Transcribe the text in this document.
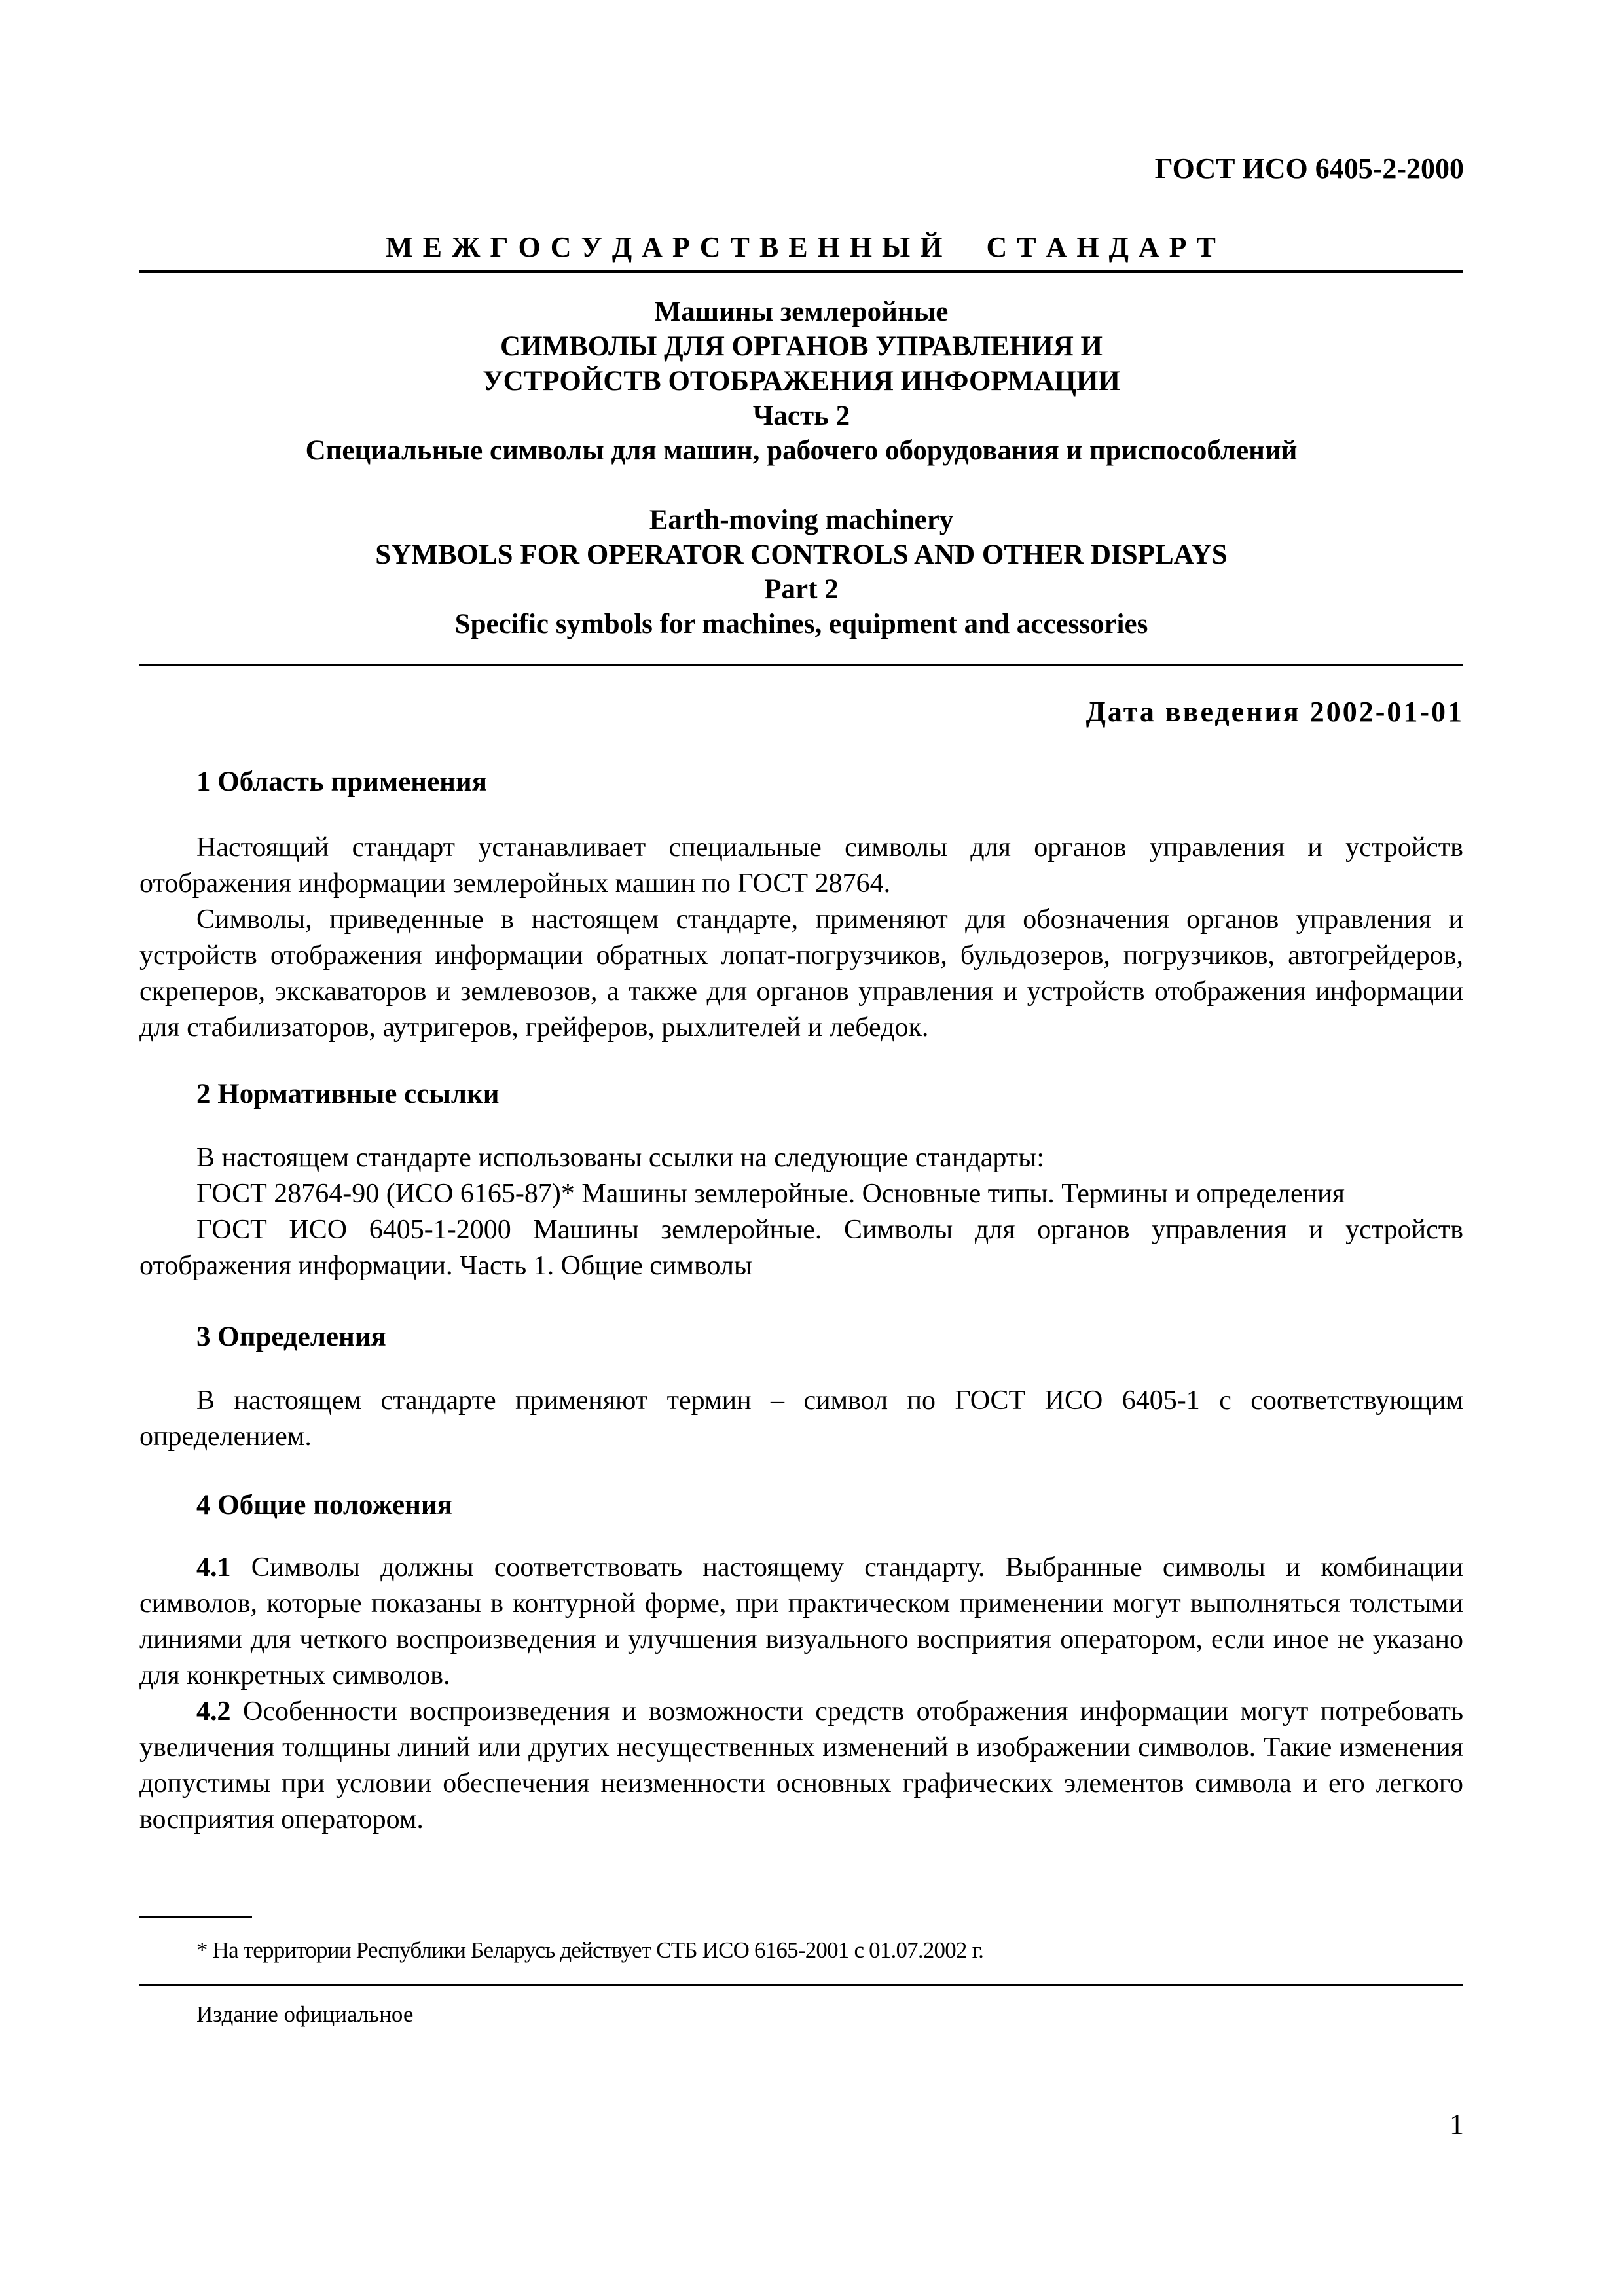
ГОСТ ИСО 6405-2-2000
М Е Ж Г О С У Д А Р С Т В Е Н Н Ы Й     С Т А Н Д А Р Т
Машины землеройные
СИМВОЛЫ ДЛЯ ОРГАНОВ УПРАВЛЕНИЯ И
УСТРОЙСТВ ОТОБРАЖЕНИЯ ИНФОРМАЦИИ
Часть 2
Специальные символы для машин, рабочего оборудования и приспособлений
Earth-moving machinery
SYMBOLS FOR OPERATOR CONTROLS AND OTHER DISPLAYS
Part 2
Specific symbols for machines, equipment and accessories
Дата введения 2002-01-01
1 Область применения
Настоящий стандарт устанавливает специальные символы для органов управления и устройств отображения информации землеройных машин по ГОСТ 28764.
Символы, приведенные в настоящем стандарте, применяют для обозначения органов управления и устройств отображения информации обратных лопат-погрузчиков, бульдозеров, погрузчиков, автогрейдеров, скреперов, экскаваторов и землевозов, а также для органов управления и устройств отображения информации для стабилизаторов, аутригеров, грейферов, рыхлителей и лебедок.
2 Нормативные ссылки
В настоящем стандарте использованы ссылки на следующие стандарты:
ГОСТ 28764-90 (ИСО 6165-87)* Машины землеройные. Основные типы. Термины и определения
ГОСТ ИСО 6405-1-2000 Машины землеройные. Символы для органов управления и устройств отображения информации. Часть 1. Общие символы
3 Определения
В настоящем стандарте применяют термин – символ по ГОСТ ИСО 6405-1 с соответствующим определением.
4 Общие положения
4.1 Символы должны соответствовать настоящему стандарту. Выбранные символы и комбинации символов, которые показаны в контурной форме, при практическом применении могут выполняться толстыми линиями для четкого воспроизведения и улучшения визуального восприятия оператором, если иное не указано для конкретных символов.
4.2 Особенности воспроизведения и возможности средств отображения информации могут потребовать увеличения толщины линий или других несущественных изменений в изображении символов. Такие изменения допустимы при условии обеспечения неизменности основных графических элементов символа и его легкого восприятия оператором.
* На территории Республики Беларусь действует СТБ ИСО 6165-2001 с 01.07.2002 г.
Издание официальное
1
